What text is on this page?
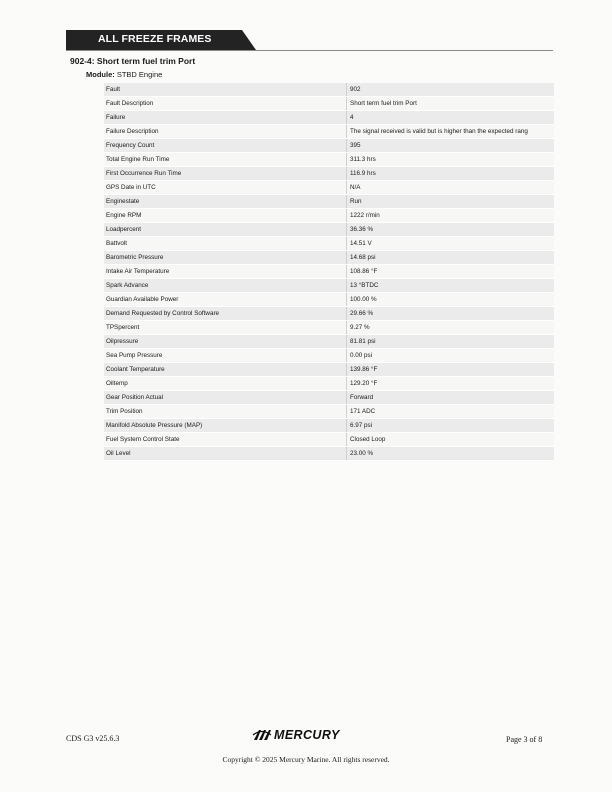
ALL FREEZE FRAMES
902-4: Short term fuel trim Port
Module: STBD Engine
Fault	902
Fault Description	Short term fuel trim Port
Failure	4
Failure Description	The signal received is valid but is higher than the expected rang
Frequency Count	395
Total Engine Run Time	311.3 hrs
First Occurrence Run Time	116.9 hrs
GPS Date in UTC	N/A
Enginestate	Run
Engine RPM	1222 r/min
Loadpercent	36.36 %
Battvolt	14.51 V
Barometric Pressure	14.68 psi
Intake Air Temperature	108.86 °F
Spark Advance	13 °BTDC
Guardian Available Power	100.00 %
Demand Requested by Control Software	29.66 %
TPSpercent	9.27 %
Oilpressure	81.81 psi
Sea Pump Pressure	0.00 psi
Coolant Temperature	139.86 °F
Oiltemp	129.20 °F
Gear Position Actual	Forward
Trim Position	171 ADC
Manifold Absolute Pressure (MAP)	6.97 psi
Fuel System Control State	Closed Loop
Oil Level	23.00 %
CDS G3 v25.6.3	MERCURY	Page 3 of 8
Copyright © 2025 Mercury Marine. All rights reserved.
